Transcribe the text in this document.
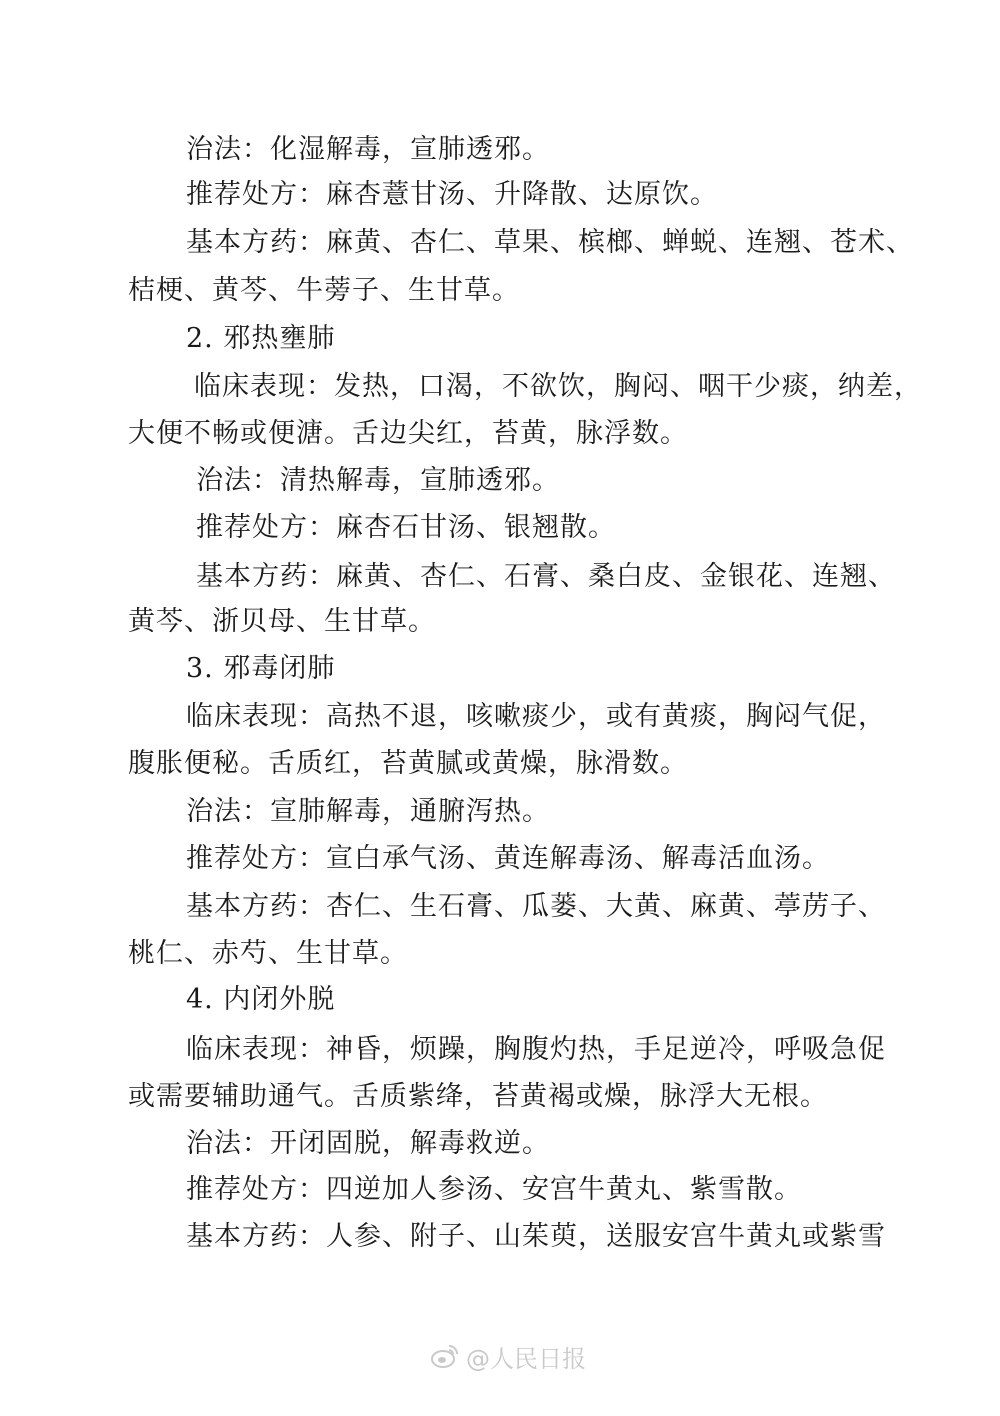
治法：化湿解毒，宣肺透邪。
推荐处方：麻杏薏甘汤、升降散、达原饮。
基本方药：麻黄、杏仁、草果、槟榔、蝉蜕、连翘、苍术、
桔梗、黄芩、牛蒡子、生甘草。
2. 邪热壅肺
临床表现：发热，口渴，不欲饮，胸闷、咽干少痰，纳差，
大便不畅或便溏。舌边尖红，苔黄，脉浮数。
治法：清热解毒，宣肺透邪。
推荐处方：麻杏石甘汤、银翘散。
基本方药：麻黄、杏仁、石膏、桑白皮、金银花、连翘、
黄芩、浙贝母、生甘草。
3. 邪毒闭肺
临床表现：高热不退，咳嗽痰少，或有黄痰，胸闷气促，
腹胀便秘。舌质红，苔黄腻或黄燥，脉滑数。
治法：宣肺解毒，通腑泻热。
推荐处方：宣白承气汤、黄连解毒汤、解毒活血汤。
基本方药：杏仁、生石膏、瓜蒌、大黄、麻黄、葶苈子、
桃仁、赤芍、生甘草。
4. 内闭外脱
临床表现：神昏，烦躁，胸腹灼热，手足逆冷，呼吸急促
或需要辅助通气。舌质紫绛，苔黄褐或燥，脉浮大无根。
治法：开闭固脱，解毒救逆。
推荐处方：四逆加人参汤、安宫牛黄丸、紫雪散。
基本方药：人参、附子、山茱萸，送服安宫牛黄丸或紫雪
@人民日报
